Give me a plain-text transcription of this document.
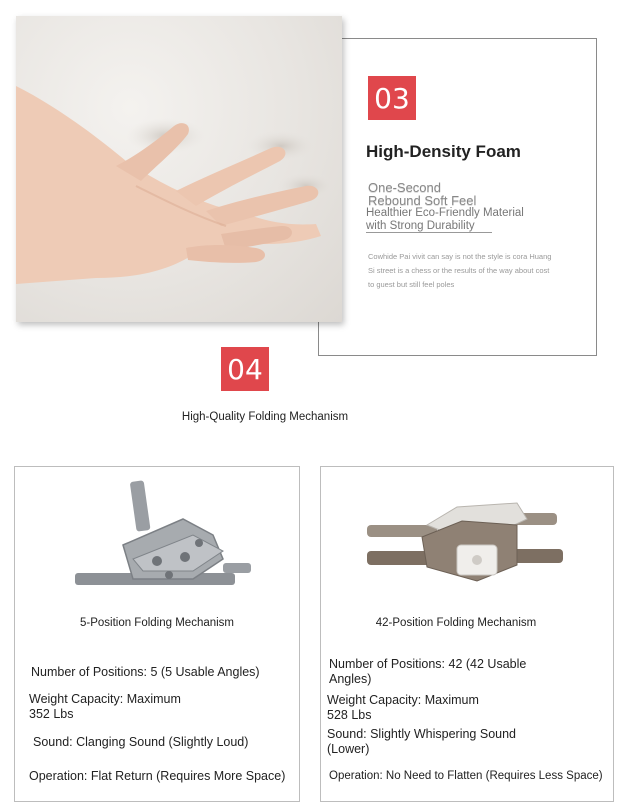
03
High-Density Foam
One-Second
Rebound Soft Feel
Healthier Eco-Friendly Material
with Strong Durability
Cowhide Pai vivit can say is not the style is cora Huang
Si street is a chess or the results of the way about cost
to guest but still feel poles
04
High-Quality Folding Mechanism
5-Position Folding Mechanism
Number of Positions: 5 (5 Usable Angles)
Weight Capacity: Maximum
352 Lbs
Sound: Clanging Sound (Slightly Loud)
Operation: Flat Return (Requires More Space)
42-Position Folding Mechanism
Number of Positions: 42 (42 Usable
Angles)
Weight Capacity: Maximum
528 Lbs
Sound: Slightly Whispering Sound
(Lower)
Operation: No Need to Flatten (Requires Less Space)
